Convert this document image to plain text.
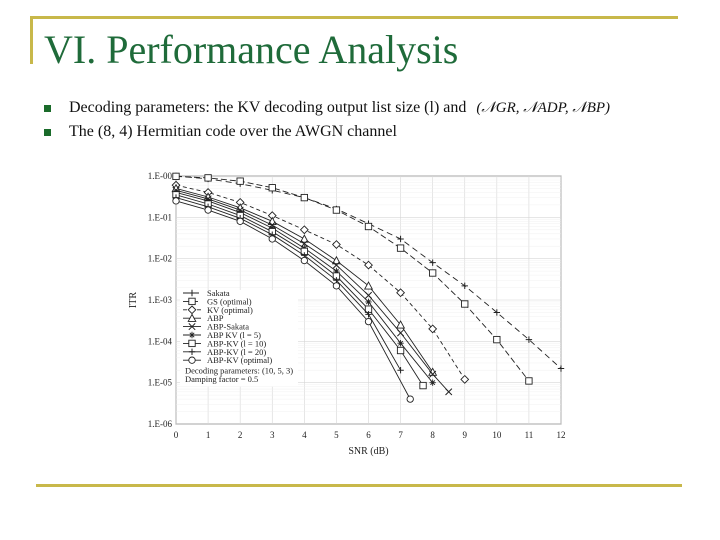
VI. Performance Analysis
Decoding parameters: the KV decoding output list size (l) and (𝒩GR, 𝒩ADP, 𝒩BP)
The (8, 4) Hermitian code over the AWGN channel
0	1	2	3	4	5	6	7	8	9	10	11	12
1.E-00
1.E-01
1.E-02
1.E-03
1.E-04
1.E-05
1.E-06
SNR (dB)
ITR	Sakata
GS (optimal)
KV (optimal)
ABP
ABP-Sakata
ABP KV (l = 5)
ABP-KV (l = 10)
ABP-KV (l = 20)
ABP-KV (optimal)
Decoding parameters: (10, 5, 3)
Damping factor = 0.5
